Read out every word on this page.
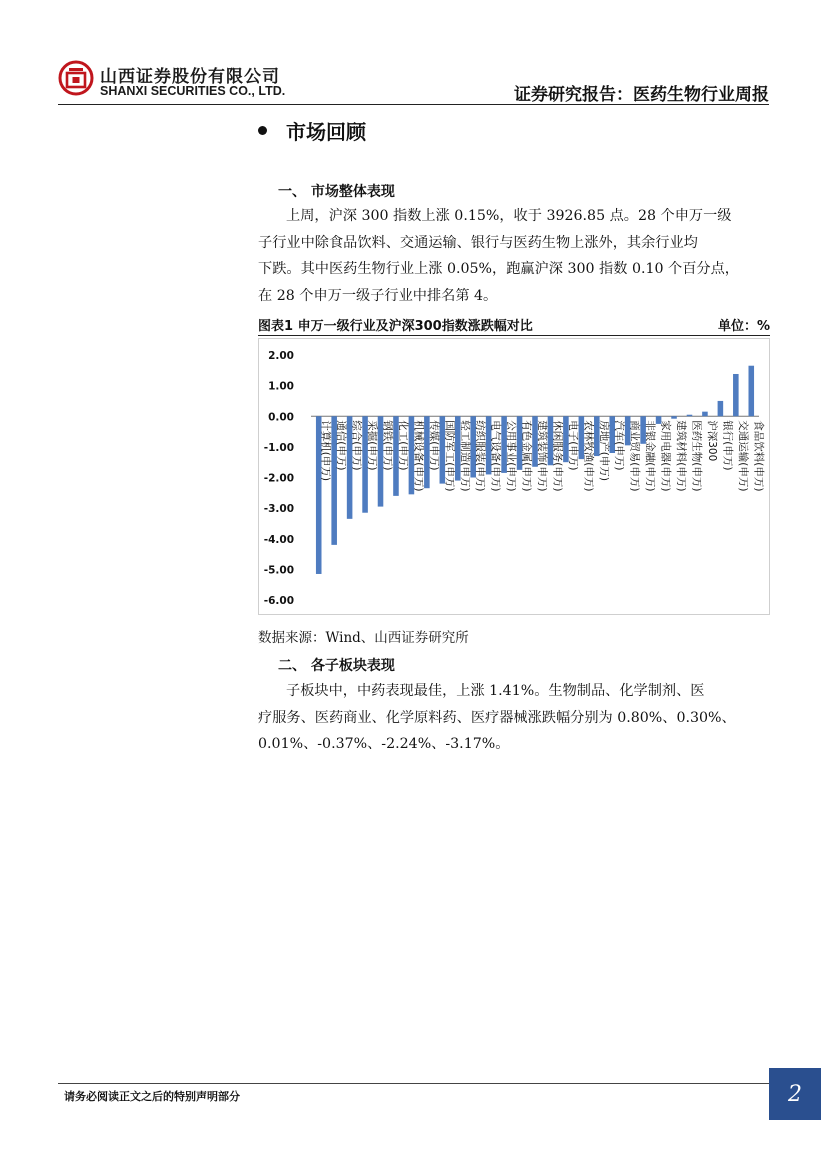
山西证券股份有限公司
SHANXI SECURITIES CO., LTD.	证券研究报告：医药生物行业周报
市场回顾
一、 市场整体表现
上周，沪深 300 指数上涨 0.15%，收于 3926.85 点。28 个申万一级
子行业中除食品饮料、交通运输、银行与医药生物上涨外，其余行业均
下跌。其中医药生物行业上涨 0.05%，跑赢沪深 300 指数 0.10 个百分点，
在 28 个申万一级子行业中排名第 4。
图表1 申万一级行业及沪深300指数涨跌幅对比	单位：%
2.00
1.00
0.00
-1.00
-2.00
-3.00
-4.00
-5.00
-6.00
计算机(申万) 通信(申万) 综合(申万) 采掘(申万) 钢铁(申万) 化工(申万) 机械设备(申万) 传媒(申万) 国防军工(申万) 轻工制造(申万) 纺织服装(申万) 电气设备(申万) 公用事业(申万) 有色金属(申万) 建筑装饰(申万) 休闲服务(申万) 电子(申万) 农林牧渔(申万) 房地产(申万) 汽车(申万) 商业贸易(申万) 非银金融(申万) 家用电器(申万) 建筑材料(申万) 医药生物(申万) 沪深300 银行(申万) 交通运输(申万) 食品饮料(申万)
数据来源：Wind、山西证券研究所
二、 各子板块表现
子板块中，中药表现最佳，上涨 1.41%。生物制品、化学制剂、医
疗服务、医药商业、化学原料药、医疗器械涨跌幅分别为 0.80%、0.30%、
0.01%、-0.37%、-2.24%、-3.17%。
请务必阅读正文之后的特别声明部分	2
